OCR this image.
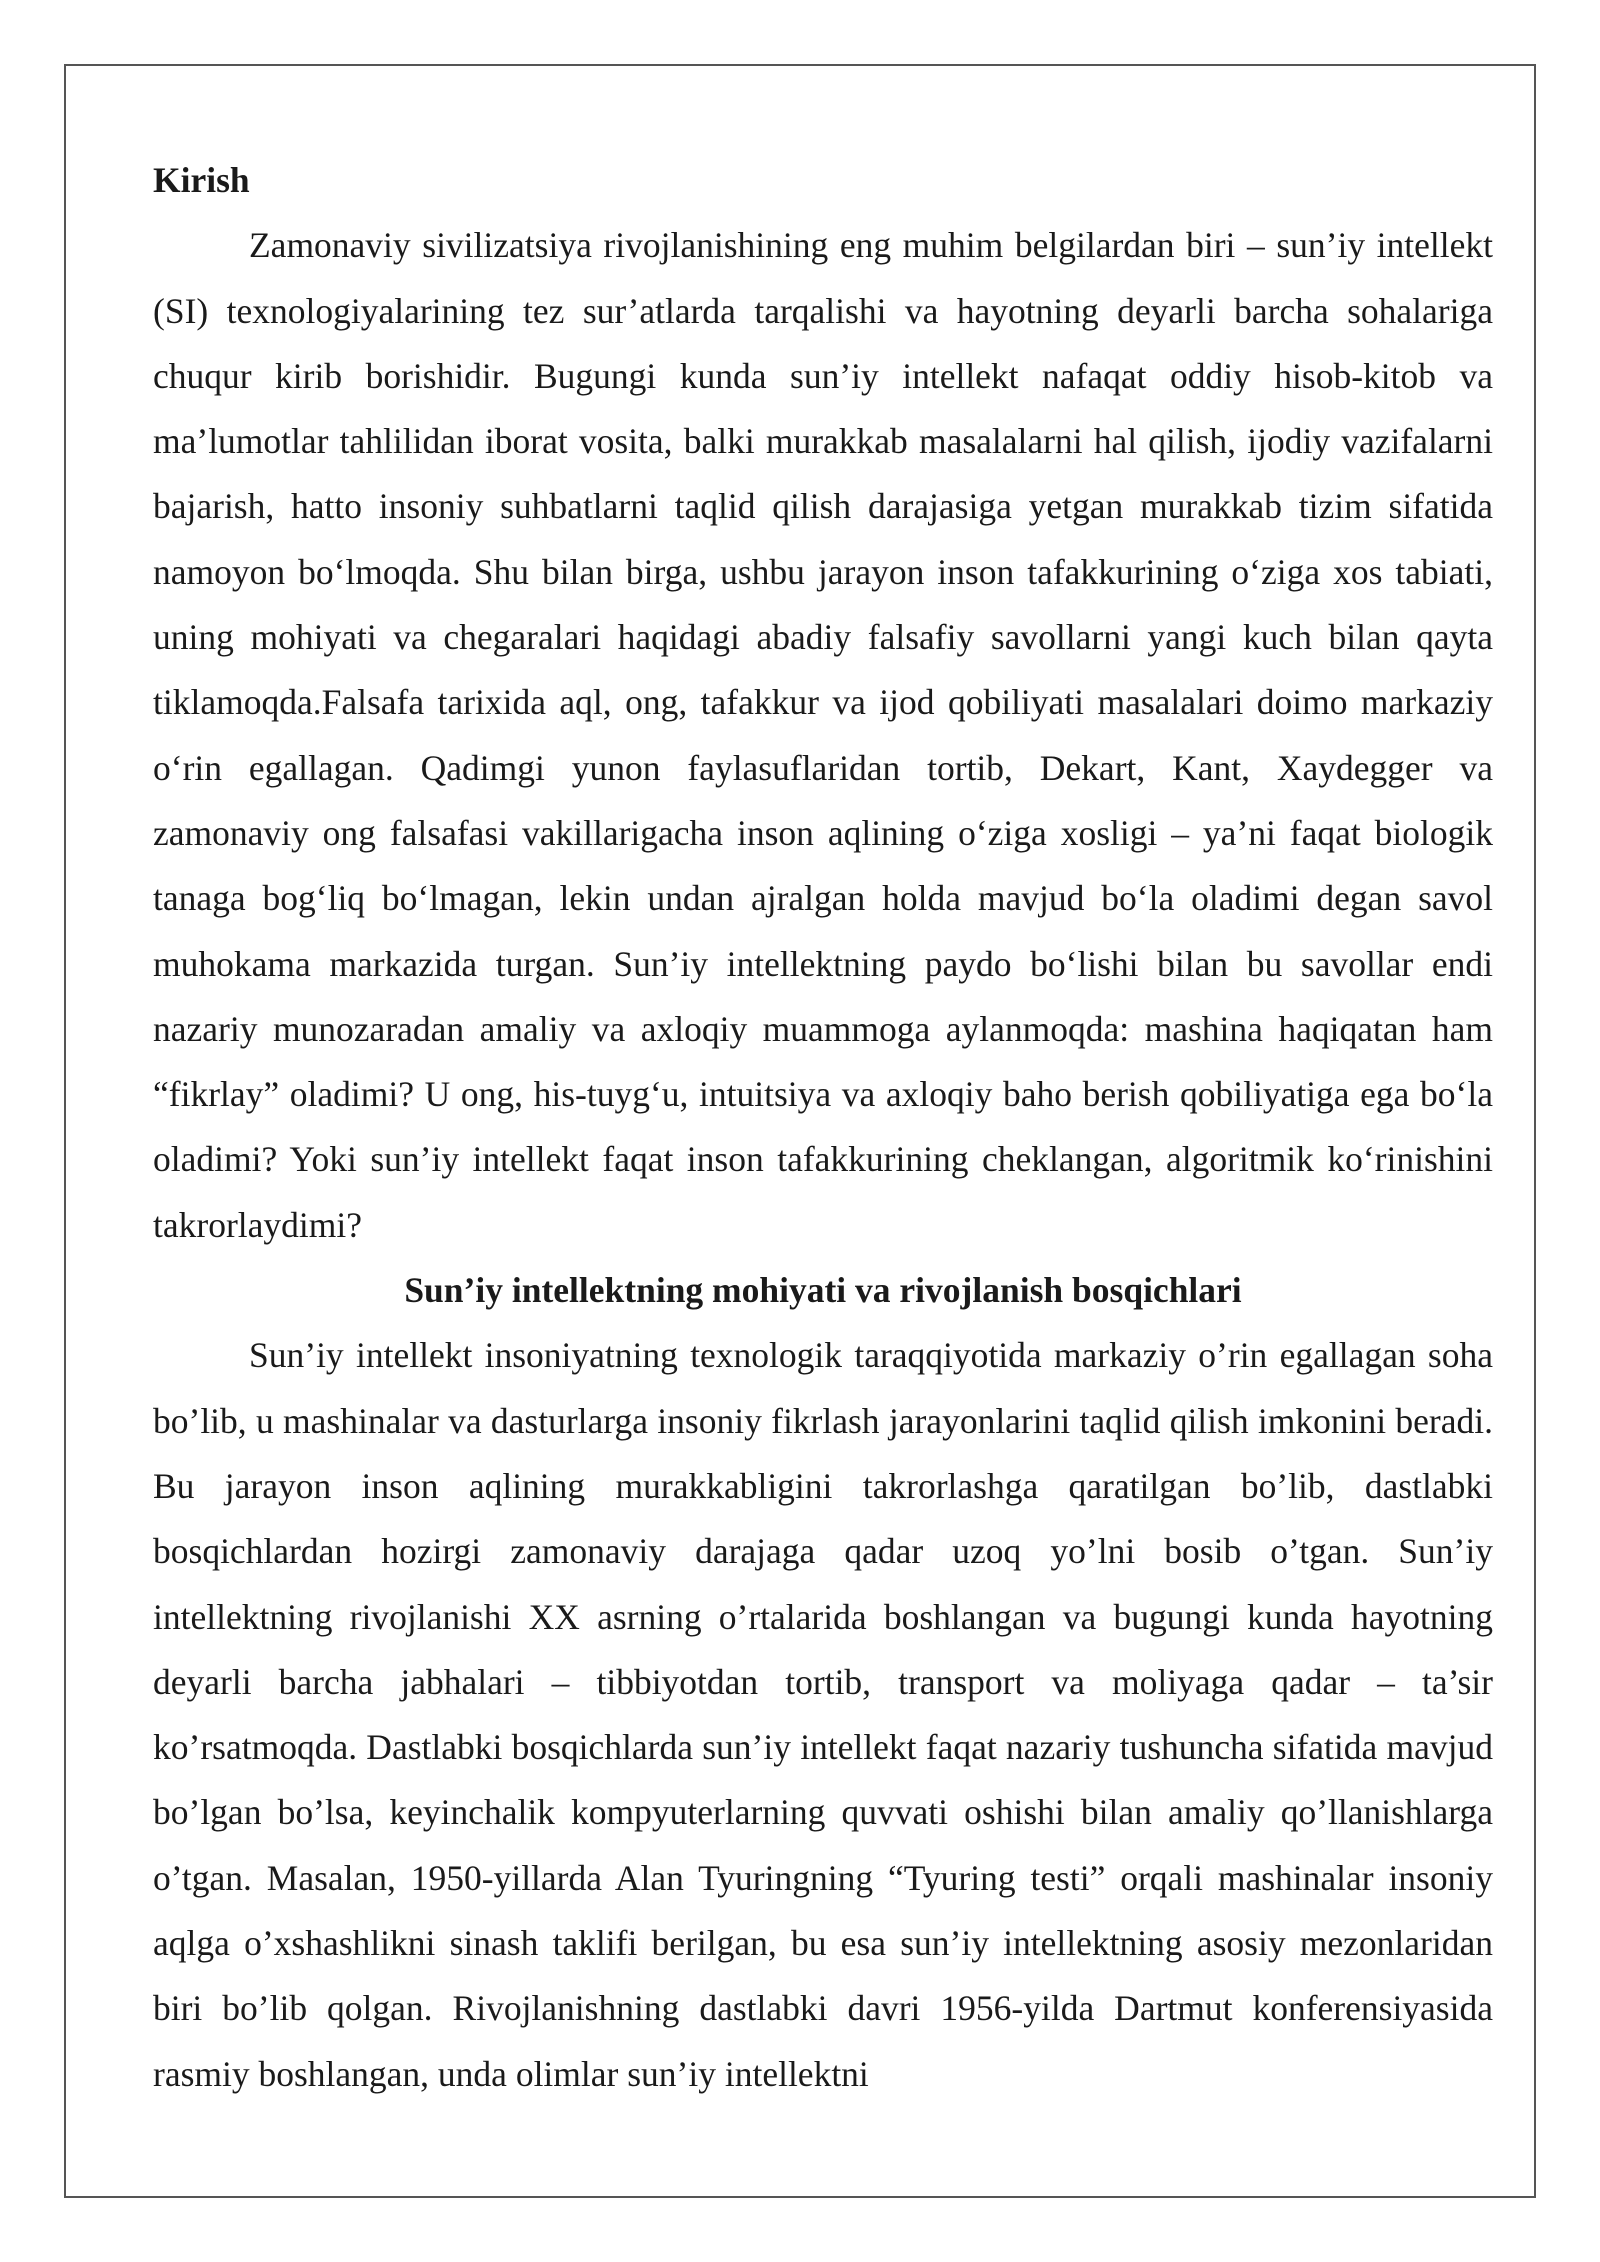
Kirish

Zamonaviy sivilizatsiya rivojlanishining eng muhim belgilardan biri – sun’iy intellekt (SI) texnologiyalarining tez sur’atlarda tarqalishi va hayotning deyarli barcha sohalariga chuqur kirib borishidir. Bugungi kunda sun’iy intellekt nafaqat oddiy hisob-kitob va ma’lumotlar tahlilidan iborat vosita, balki murakkab masalalarni hal qilish, ijodiy vazifalarni bajarish, hatto insoniy suhbatlarni taqlid qilish darajasiga yetgan murakkab tizim sifatida namoyon bo‘lmoqda. Shu bilan birga, ushbu jarayon inson tafakkurining o‘ziga xos tabiati, uning mohiyati va chegaralari haqidagi abadiy falsafiy savollarni yangi kuch bilan qayta tiklamoqda.Falsafa tarixida aql, ong, tafakkur va ijod qobiliyati masalalari doimo markaziy o‘rin egallagan. Qadimgi yunon faylasuflaridan tortib, Dekart, Kant, Xaydegger va zamonaviy ong falsafasi vakillarigacha inson aqlining o‘ziga xosligi – ya’ni faqat biologik tanaga bog‘liq bo‘lmagan, lekin undan ajralgan holda mavjud bo‘la oladimi degan savol muhokama markazida turgan. Sun’iy intellektning paydo bo‘lishi bilan bu savollar endi nazariy munozaradan amaliy va axloqiy muammoga aylanmoqda: mashina haqiqatan ham “fikrlay” oladimi? U ong, his-tuyg‘u, intuitsiya va axloqiy baho berish qobiliyatiga ega bo‘la oladimi? Yoki sun’iy intellekt faqat inson tafakkurining cheklangan, algoritmik ko‘rinishini takrorlaydimi?

Sun’iy intellektning mohiyati va rivojlanish bosqichlari

Sun’iy intellekt insoniyatning texnologik taraqqiyotida markaziy o’rin egallagan soha bo’lib, u mashinalar va dasturlarga insoniy fikrlash jarayonlarini taqlid qilish imkonini beradi. Bu jarayon inson aqlining murakkabligini takrorlashga qaratilgan bo’lib, dastlabki bosqichlardan hozirgi zamonaviy darajaga qadar uzoq yo’lni bosib o’tgan. Sun’iy intellektning rivojlanishi XX asrning o’rtalarida boshlangan va bugungi kunda hayotning deyarli barcha jabhalari – tibbiyotdan tortib, transport va moliyaga qadar – ta’sir ko’rsatmoqda. Dastlabki bosqichlarda sun’iy intellekt faqat nazariy tushuncha sifatida mavjud bo’lgan bo’lsa, keyinchalik kompyuterlarning quvvati oshishi bilan amaliy qo’llanishlarga o’tgan. Masalan, 1950-yillarda Alan Tyuringning “Tyuring testi” orqali mashinalar insoniy aqlga o’xshashlikni sinash taklifi berilgan, bu esa sun’iy intellektning asosiy mezonlaridan biri bo’lib qolgan. Rivojlanishning dastlabki davri 1956-yilda Dartmut konferensiyasida rasmiy boshlangan, unda olimlar sun’iy intellektni
